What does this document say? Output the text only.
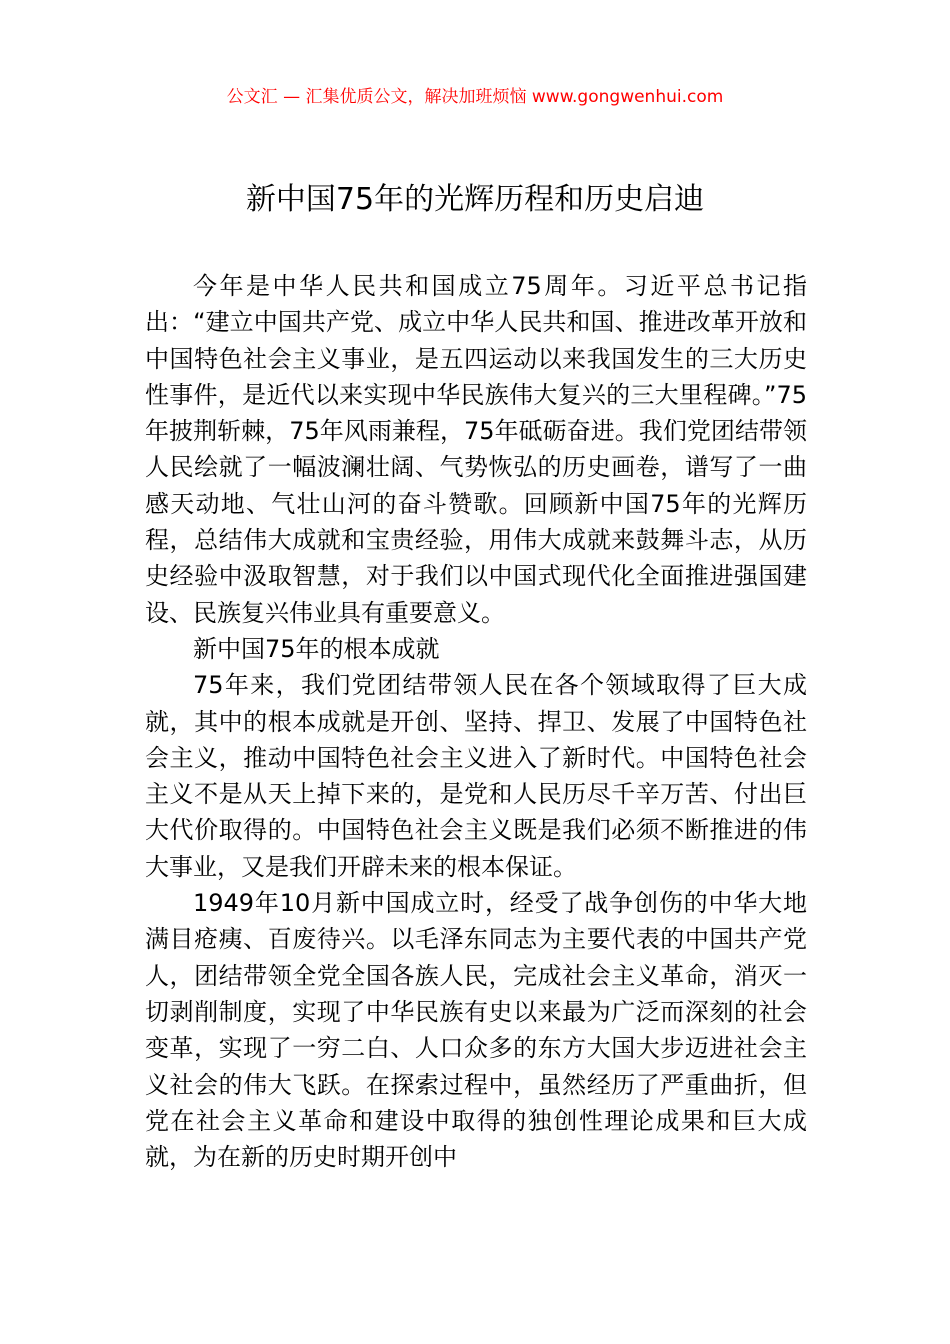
公文汇 — 汇集优质公文，解决加班烦恼 www.gongwenhui.com
新中国75年的光辉历程和历史启迪

今年是中华人民共和国成立75周年。习近平总书记指出：“建立中国共产党、成立中华人民共和国、推进改革开放和中国特色社会主义事业，是五四运动以来我国发生的三大历史性事件，是近代以来实现中华民族伟大复兴的三大里程碑。”75年披荆斩棘，75年风雨兼程，75年砥砺奋进。我们党团结带领人民绘就了一幅波澜壮阔、气势恢弘的历史画卷，谱写了一曲感天动地、气壮山河的奋斗赞歌。回顾新中国75年的光辉历程，总结伟大成就和宝贵经验，用伟大成就来鼓舞斗志，从历史经验中汲取智慧，对于我们以中国式现代化全面推进强国建设、民族复兴伟业具有重要意义。

新中国75年的根本成就

75年来，我们党团结带领人民在各个领域取得了巨大成就，其中的根本成就是开创、坚持、捍卫、发展了中国特色社会主义，推动中国特色社会主义进入了新时代。中国特色社会主义不是从天上掉下来的，是党和人民历尽千辛万苦、付出巨大代价取得的。中国特色社会主义既是我们必须不断推进的伟大事业，又是我们开辟未来的根本保证。

1949年10月新中国成立时，经受了战争创伤的中华大地满目疮痍、百废待兴。以毛泽东同志为主要代表的中国共产党人，团结带领全党全国各族人民，完成社会主义革命，消灭一切剥削制度，实现了中华民族有史以来最为广泛而深刻的社会变革，实现了一穷二白、人口众多的东方大国大步迈进社会主义社会的伟大飞跃。在探索过程中，虽然经历了严重曲折，但党在社会主义革命和建设中取得的独创性理论成果和巨大成就，为在新的历史时期开创中
